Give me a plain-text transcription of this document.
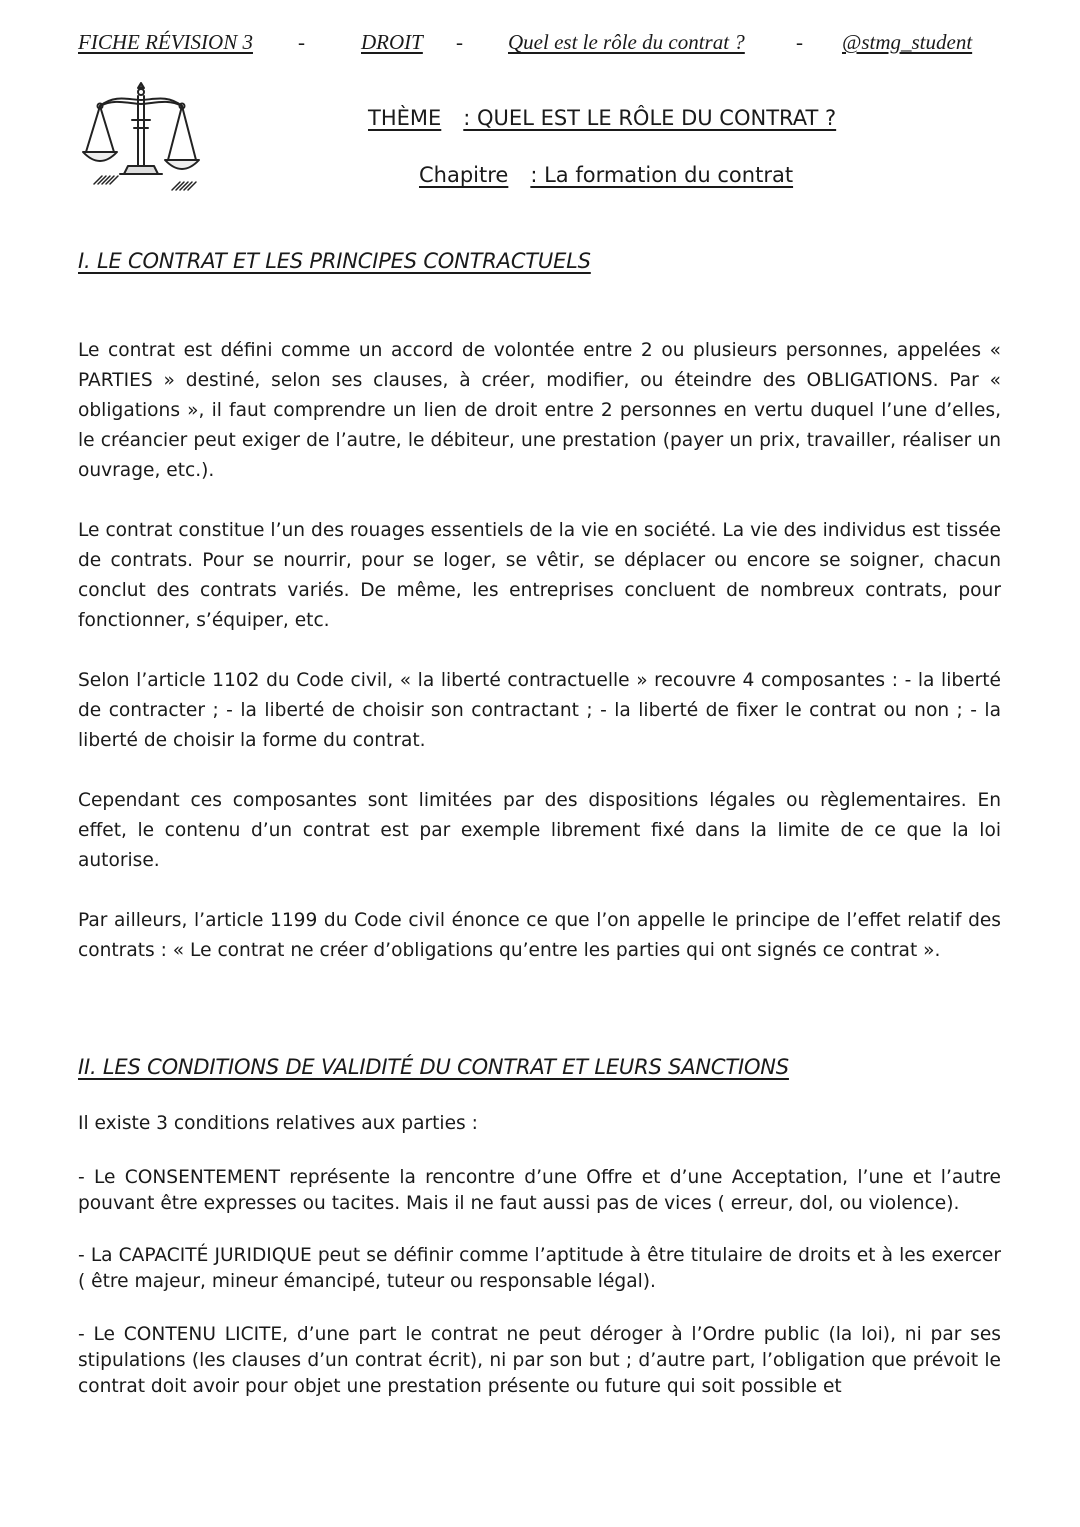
FICHE RÉVISION 3 -	DROIT - Quel est le rôle du contrat ? - @stmg_student
THÈME : QUEL EST LE RÔLE DU CONTRAT ?
Chapitre : La formation du contrat
I. LE CONTRAT ET LES PRINCIPES CONTRACTUELS

Le contrat est défini comme un accord de volontée entre 2 ou plusieurs personnes, appelées « PARTIES » destiné, selon ses clauses, à créer, modifier, ou éteindre des OBLIGATIONS. Par « obligations », il faut comprendre un lien de droit entre 2 personnes en vertu duquel l’une d’elles, le créancier peut exiger de l’autre, le débiteur, une prestation (payer un prix, travailler, réaliser un ouvrage, etc.).

Le contrat constitue l’un des rouages essentiels de la vie en société. La vie des individus est tissée de contrats. Pour se nourrir, pour se loger, se vêtir, se déplacer ou encore se soigner, chacun conclut des contrats variés. De même, les entreprises concluent de nombreux contrats, pour fonctionner, s’équiper, etc.

Selon l’article 1102 du Code civil, « la liberté contractuelle » recouvre 4 composantes : - la liberté de contracter ; - la liberté de choisir son contractant ; - la liberté de fixer le contrat ou non ; - la liberté de choisir la forme du contrat.

Cependant ces composantes sont limitées par des dispositions légales ou règlementaires. En effet, le contenu d’un contrat est par exemple librement fixé dans la limite de ce que la loi autorise.

Par ailleurs, l’article 1199 du Code civil énonce ce que l’on appelle le principe de l’effet relatif des contrats : « Le contrat ne créer d’obligations qu’entre les parties qui ont signés ce contrat ».

II. LES CONDITIONS DE VALIDITÉ DU CONTRAT ET LEURS SANCTIONS

Il existe 3 conditions relatives aux parties :

- Le CONSENTEMENT représente la rencontre d’une Offre et d’une Acceptation, l’une et l’autre pouvant être expresses ou tacites. Mais il ne faut aussi pas de vices ( erreur, dol, ou violence).

- La CAPACITÉ JURIDIQUE peut se définir comme l’aptitude à être titulaire de droits et à les exercer ( être majeur, mineur émancipé, tuteur ou responsable légal).

- Le CONTENU LICITE, d’une part le contrat ne peut déroger à l’Ordre public (la loi), ni par ses stipulations (les clauses d’un contrat écrit), ni par son but ; d’autre part, l’obligation que prévoit le contrat doit avoir pour objet une prestation présente ou future qui soit possible et
